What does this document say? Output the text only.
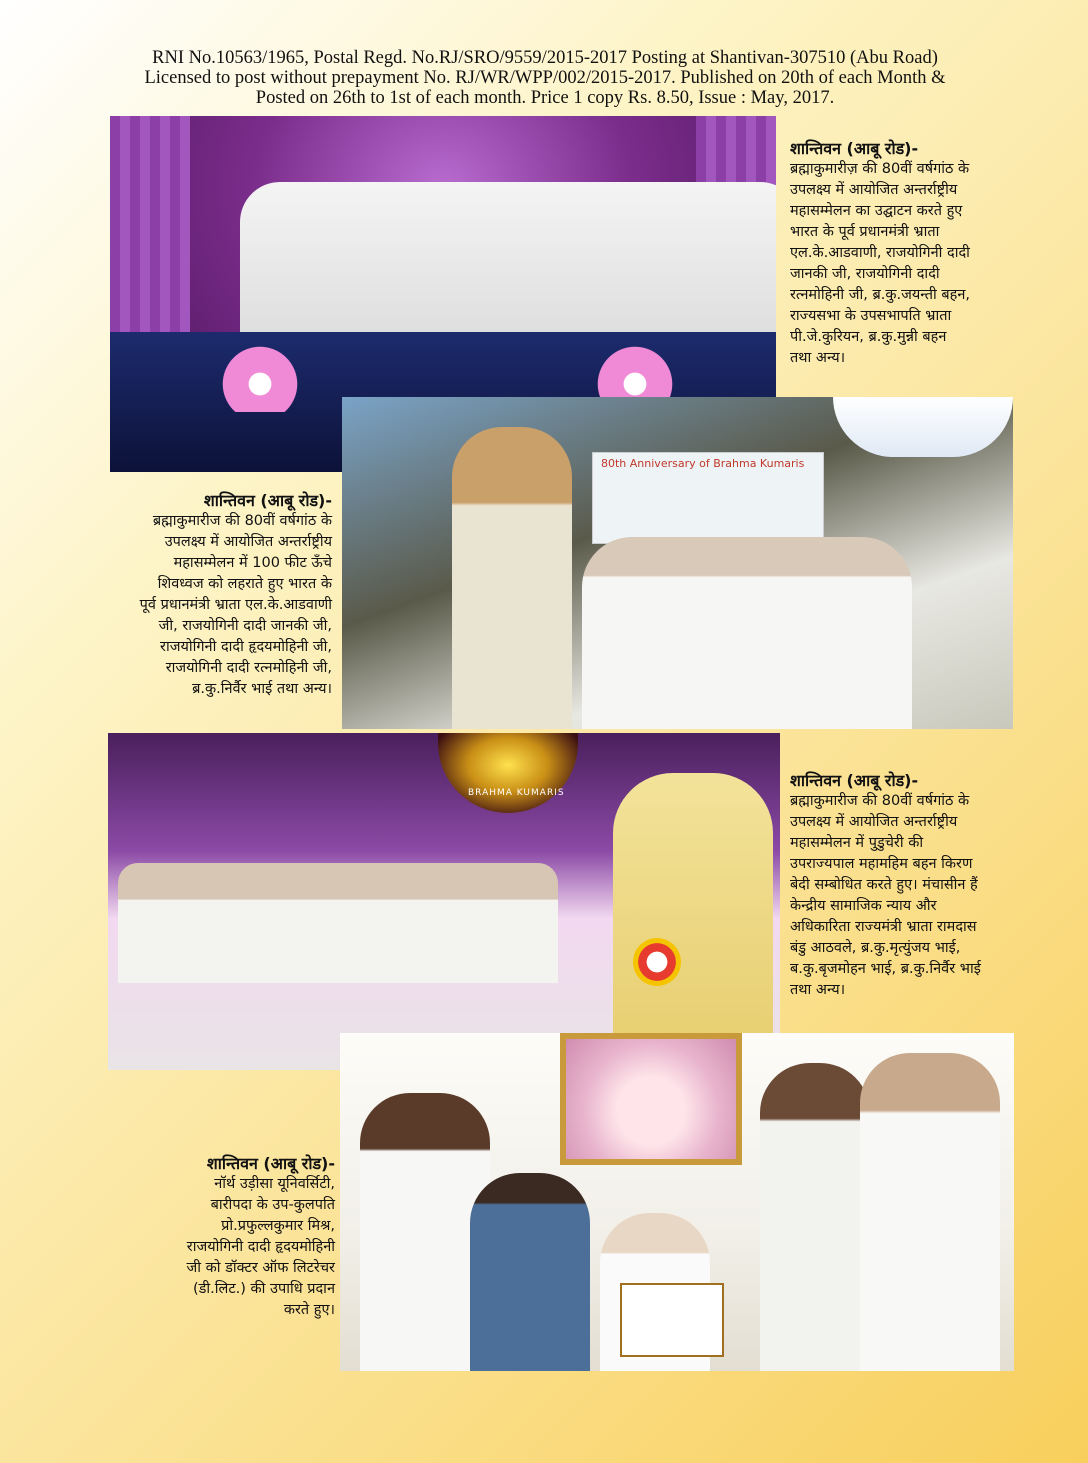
RNI No.10563/1965, Postal Regd. No.RJ/SRO/9559/2015-2017 Posting at Shantivan-307510 (Abu Road)
Licensed to post without prepayment No. RJ/WR/WPP/002/2015-2017. Published on 20th of each Month &
Posted on 26th to 1st of each month. Price 1 copy Rs. 8.50, Issue : May, 2017.
शान्तिवन (आबू रोड)-
ब्रह्माकुमारीज़ की 80वीं वर्षगांठ के
उपलक्ष्य में आयोजित अन्तर्राष्ट्रीय
महासम्मेलन का उद्घाटन करते हुए
भारत के पूर्व प्रधानमंत्री भ्राता
एल.के.आडवाणी, राजयोगिनी दादी
जानकी जी, राजयोगिनी दादी
रत्नमोहिनी जी, ब्र.कु.जयन्ती बहन,
राज्यसभा के उपसभापति भ्राता
पी.जे.कुरियन, ब्र.कु.मुन्नी बहन
तथा अन्य।
80th Anniversary of Brahma Kumaris
शान्तिवन (आबू रोड)-
ब्रह्माकुमारीज की 80वीं वर्षगांठ के
उपलक्ष्य में आयोजित अन्तर्राष्ट्रीय
महासम्मेलन में 100 फीट ऊँचे
शिवध्वज को लहराते हुए भारत के
पूर्व प्रधानमंत्री भ्राता एल.के.आडवाणी
जी, राजयोगिनी दादी जानकी जी,
राजयोगिनी दादी हृदयमोहिनी जी,
राजयोगिनी दादी रत्नमोहिनी जी,
ब्र.कु.निर्वैर भाई तथा अन्य।
BRAHMA KUMARIS
शान्तिवन (आबू रोड)-
ब्रह्माकुमारीज की 80वीं वर्षगांठ के
उपलक्ष्य में आयोजित अन्तर्राष्ट्रीय
महासम्मेलन में पुडुचेरी की
उपराज्यपाल महामहिम बहन किरण
बेदी सम्बोधित करते हुए। मंचासीन हैं
केन्द्रीय सामाजिक न्याय और
अधिकारिता राज्यमंत्री भ्राता रामदास
बंडु आठवले, ब्र.कु.मृत्युंजय भाई,
ब.कु.बृजमोहन भाई, ब्र.कु.निर्वैर भाई
तथा अन्य।
शान्तिवन (आबू रोड)-
नॉर्थ उड़ीसा यूनिवर्सिटी,
बारीपदा के उप-कुलपति
प्रो.प्रफुल्लकुमार मिश्र,
राजयोगिनी दादी हृदयमोहिनी
जी को डॉक्टर ऑफ लिटरेचर
(डी.लिट.) की उपाधि प्रदान
करते हुए।
